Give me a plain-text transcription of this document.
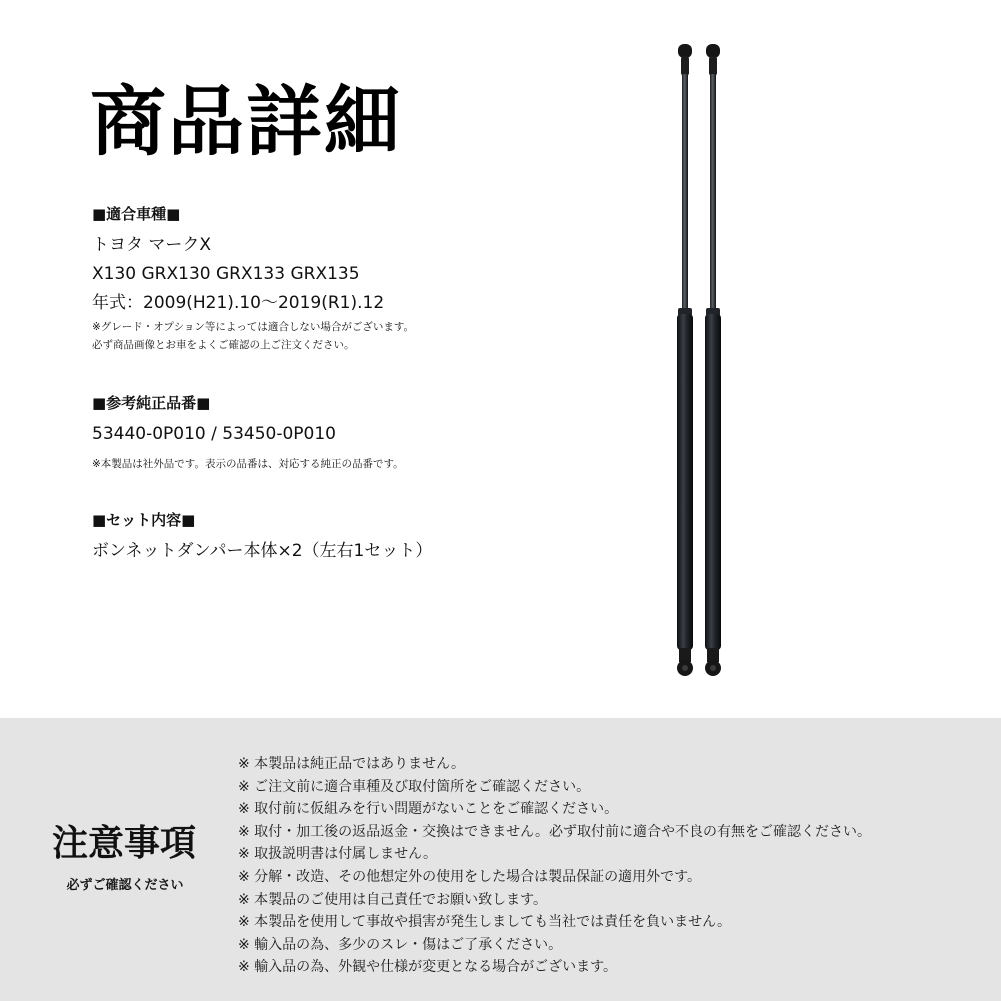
商品詳細

■適合車種■

トヨタ マークX

X130 GRX130 GRX133 GRX135

年式：2009(H21).10〜2019(R1).12

※グレード・オプション等によっては適合しない場合がございます。

必ず商品画像とお車をよくご確認の上ご注文ください。

■参考純正品番■

53440-0P010 / 53450-0P010

※本製品は社外品です。表示の品番は、対応する純正の品番です。

■セット内容■

ボンネットダンパー本体×2（左右1セット）

注意事項
必ずご確認ください
※ 本製品は純正品ではありません。
※ ご注文前に適合車種及び取付箇所をご確認ください。
※ 取付前に仮組みを行い問題がないことをご確認ください。
※ 取付・加工後の返品返金・交換はできません。必ず取付前に適合や不良の有無をご確認ください。
※ 取扱説明書は付属しません。
※ 分解・改造、その他想定外の使用をした場合は製品保証の適用外です。
※ 本製品のご使用は自己責任でお願い致します。
※ 本製品を使用して事故や損害が発生しましても当社では責任を負いません。
※ 輸入品の為、多少のスレ・傷はご了承ください。
※ 輸入品の為、外観や仕様が変更となる場合がございます。
